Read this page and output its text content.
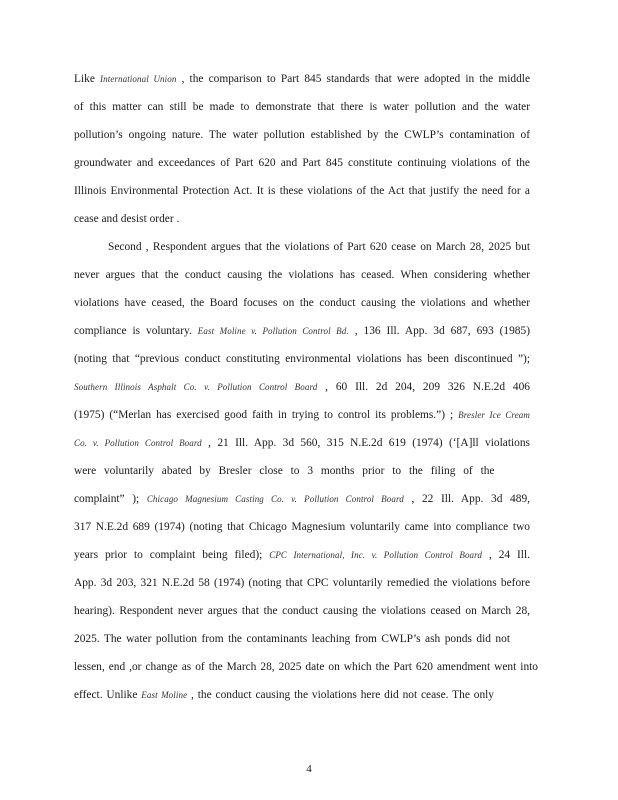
Like International Union , the comparison to Part 845 standards that were adopted in the middle
of this matter can still be made to demonstrate that there is water pollution and the water
pollution’s ongoing nature. The water pollution established by the CWLP’s contamination of
groundwater and exceedances of Part 620 and Part 845 constitute continuing violations of the
Illinois Environmental Protection Act. It is these violations of the Act that justify the need for a
cease and desist order .
Second , Respondent argues that the violations of Part 620 cease on March 28, 2025 but
never argues that the conduct causing the violations has ceased. When considering whether
violations have ceased, the Board focuses on the conduct causing the violations and whether
compliance is voluntary. East Moline v. Pollution Control Bd. , 136 Ill. App. 3d 687, 693 (1985)
(noting that “previous conduct constituting environmental violations has been discontinued ”);
Southern Illinois Asphalt Co. v. Pollution Control Board , 60 Ill. 2d 204, 209 326 N.E.2d 406
(1975) (“Merlan has exercised good faith in trying to control its problems.”) ; Bresler Ice Cream
Co. v. Pollution Control Board , 21 Ill. App. 3d 560, 315 N.E.2d 619 (1974) (‘[A]ll violations
were voluntarily abated by Bresler close to 3 months prior to the filing of the
complaint” ); Chicago Magnesium Casting Co. v. Pollution Control Board , 22 Ill. App. 3d 489,
317 N.E.2d 689 (1974) (noting that Chicago Magnesium voluntarily came into compliance two
years prior to complaint being filed); CPC International, Inc. v. Pollution Control Board , 24 Ill.
App. 3d 203, 321 N.E.2d 58 (1974) (noting that CPC voluntarily remedied the violations before
hearing). Respondent never argues that the conduct causing the violations ceased on March 28,
2025. The water pollution from the contaminants leaching from CWLP’s ash ponds did not
lessen, end ,or change as of the March 28, 2025 date on which the Part 620 amendment went into
effect. Unlike East Moline , the conduct causing the violations here did not cease. The only
4
